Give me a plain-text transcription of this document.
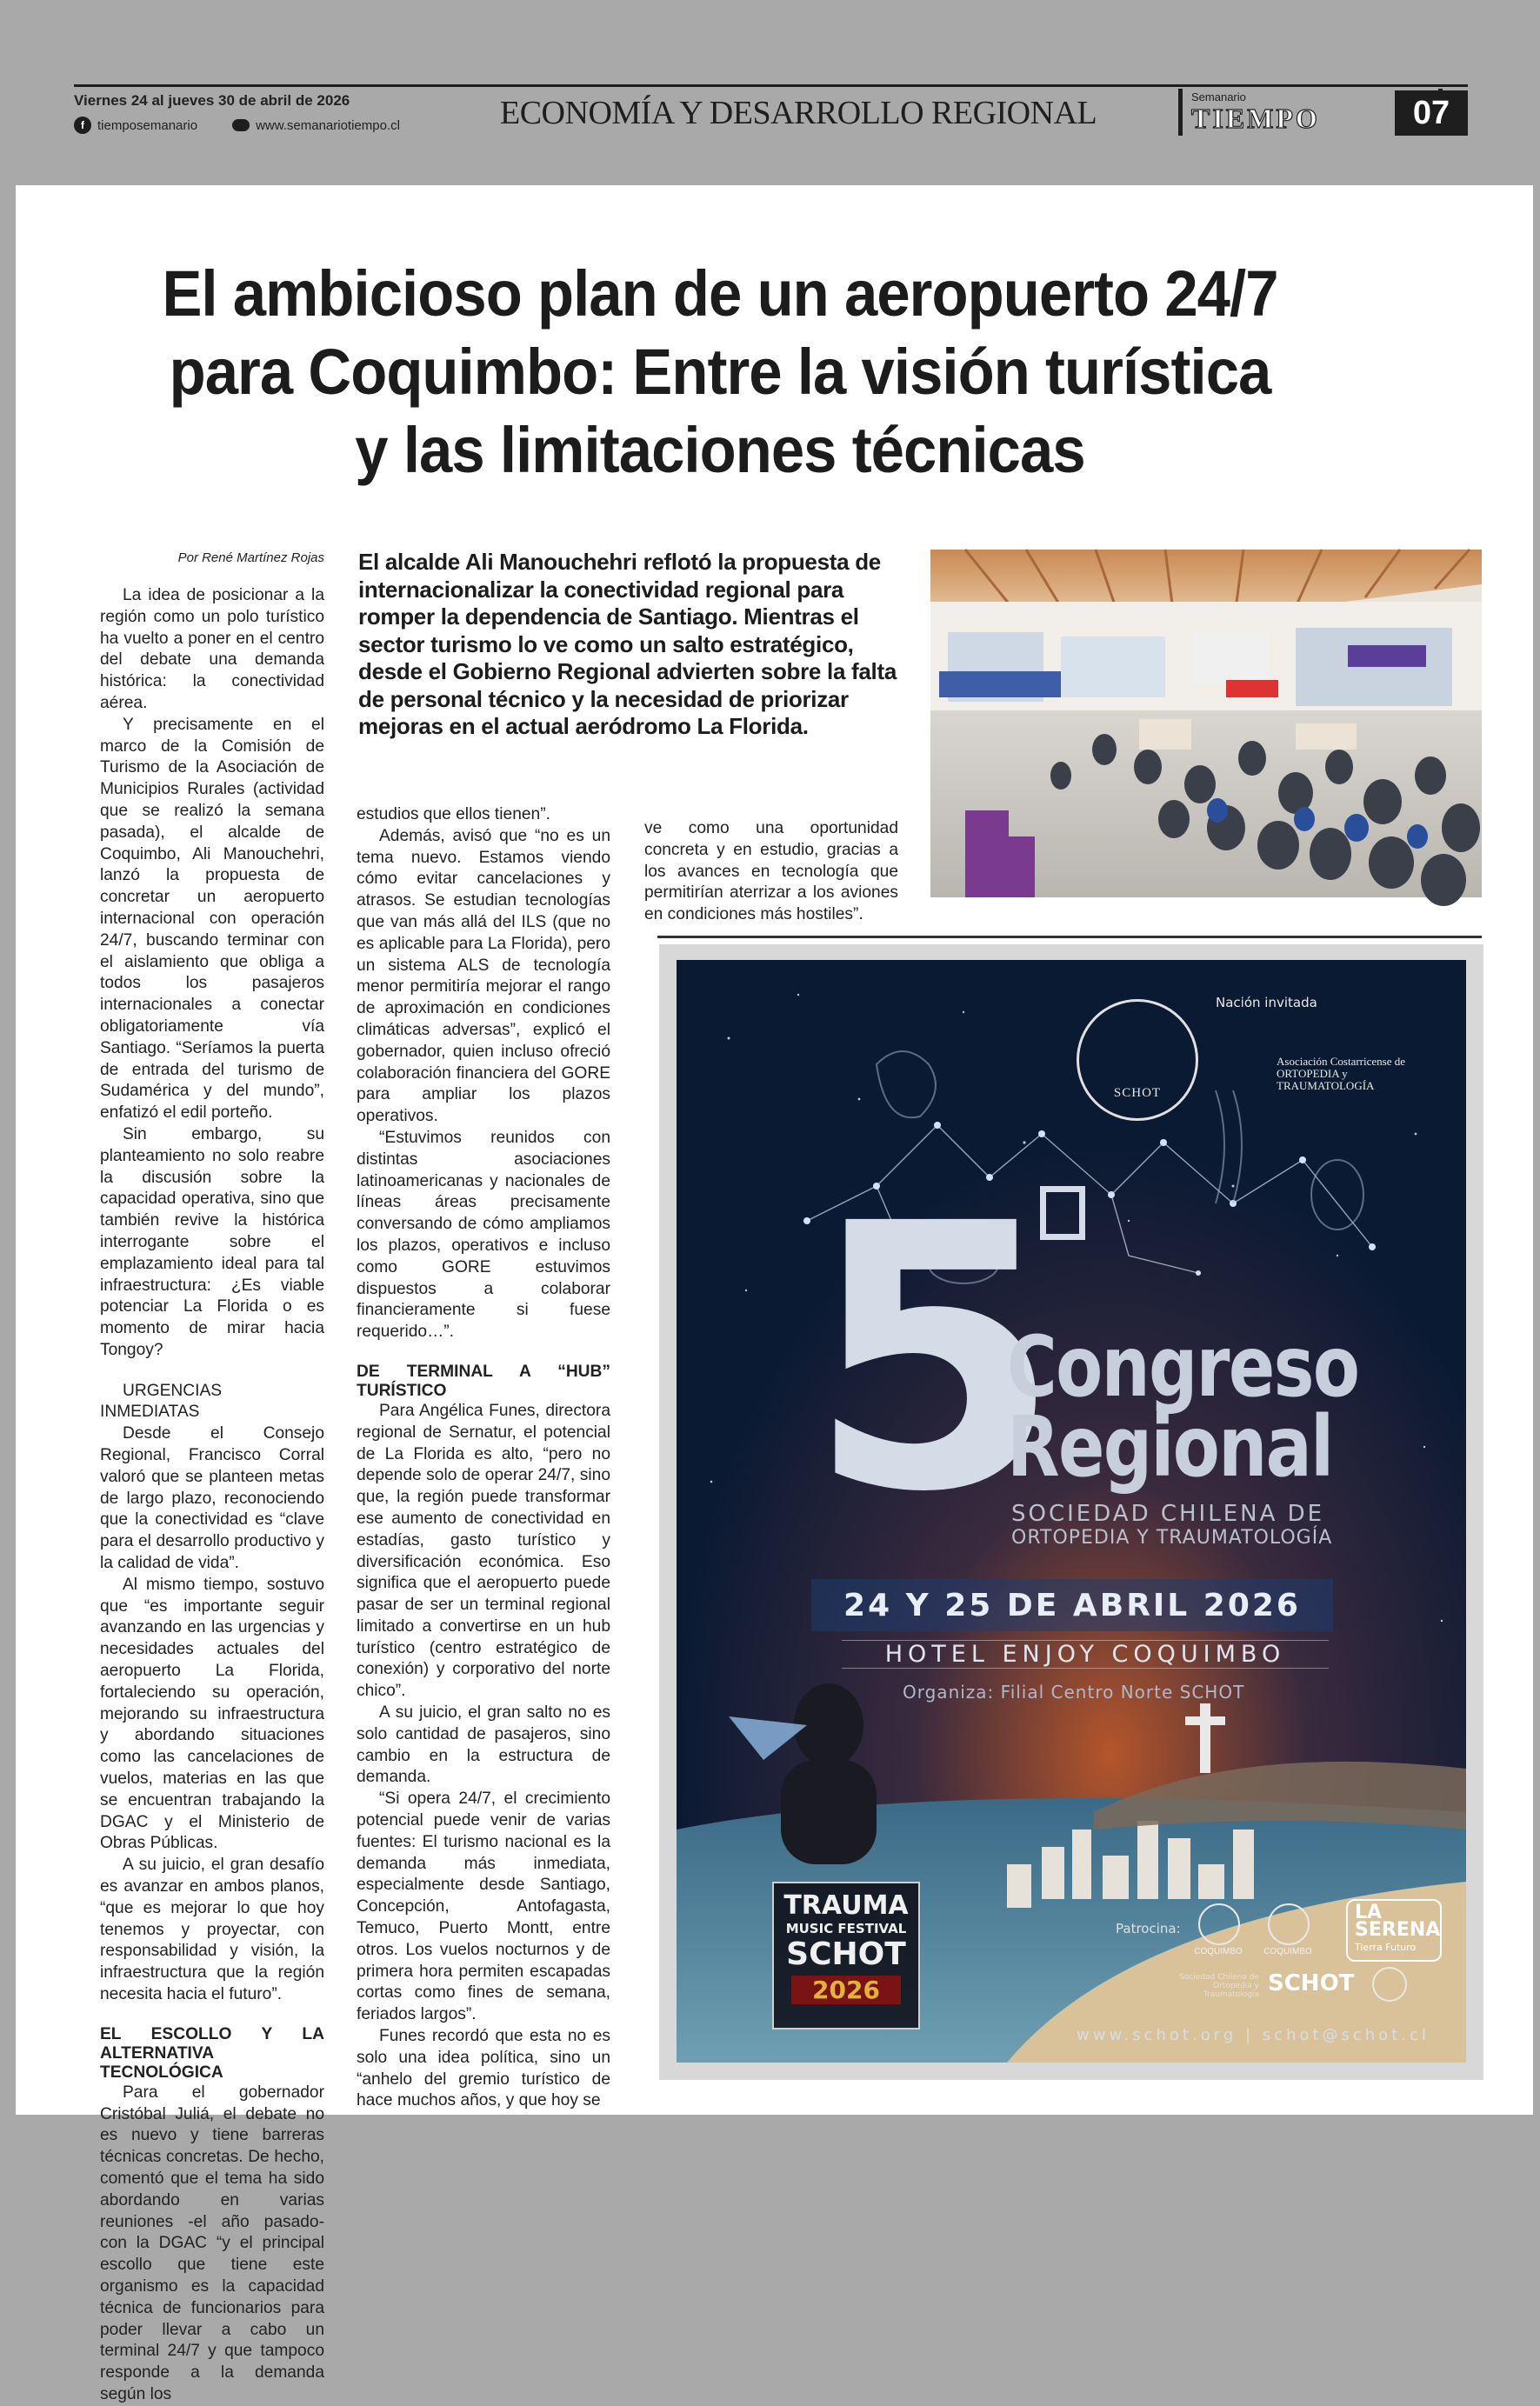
Viernes 24 al jueves 30 de abril de 2026
f	tiemposemanario	www.semanariotiempo.cl	ECONOMÍA Y DESARROLLO REGIONAL	Semanario
TIEMPO	07
El ambicioso plan de un aeropuerto 24/7 para Coquimbo: Entre la visión turística y las limitaciones técnicas
Por René Martínez Rojas El alcalde Ali Manouchehri reflotó la propuesta de internacionalizar la conectividad regional para romper la dependencia de Santiago. Mientras el sector turismo lo ve como un salto estratégico, desde el Gobierno Regional advierten sobre la falta de personal técnico y la necesidad de priorizar mejoras en el actual aeródromo La Florida.

La idea de posicionar a la región como un polo turístico ha vuelto a poner en el centro del debate una demanda histórica: la conectividad aérea.

Y precisamente en el marco de la Comisión de Turismo de la Asociación de Municipios Rurales (actividad que se realizó la semana pasada), el alcalde de Coquimbo, Ali Manouchehri, lanzó la propuesta de concretar un aeropuerto internacional con operación 24/7, buscando terminar con el aislamiento que obliga a todos los pasajeros internacionales a conectar obligatoriamente vía Santiago. “Seríamos la puerta de entrada del turismo de Sudamérica y del mundo”, enfatizó el edil porteño.

Sin embargo, su planteamiento no solo reabre la discusión sobre la capacidad operativa, sino que también revive la histórica interrogante sobre el emplazamiento ideal para tal infraestructura: ¿Es viable potenciar La Florida o es momento de mirar hacia Tongoy?

URGENCIAS INMEDIATAS

Desde el Consejo Regional, Francisco Corral valoró que se planteen metas de largo plazo, reconociendo que la conectividad es “clave para el desarrollo productivo y la calidad de vida”.

Al mismo tiempo, sostuvo que “es importante seguir avanzando en las urgencias y necesidades actuales del aeropuerto La Florida, fortaleciendo su operación, mejorando su infraestructura y abordando situaciones como las cancelaciones de vuelos, materias en las que se encuentran trabajando la DGAC y el Ministerio de Obras Públicas.

A su juicio, el gran desafío es avanzar en ambos planos, “que es mejorar lo que hoy tenemos y proyectar, con responsabilidad y visión, la infraestructura que la región necesita hacia el futuro”.

EL ESCOLLO Y LA ALTERNATIVA TECNOLÓGICA

Para el gobernador Cristóbal Juliá, el debate no es nuevo y tiene barreras técnicas concretas. De hecho, comentó que el tema ha sido abordando en varias reuniones -el año pasado- con la DGAC “y el principal escollo que tiene este organismo es la capacidad técnica de funcionarios para poder llevar a cabo un terminal 24/7 y que tampoco responde a la demanda según los

estudios que ellos tienen”.

Además, avisó que “no es un tema nuevo. Estamos viendo cómo evitar cancelaciones y atrasos. Se estudian tecnologías que van más allá del ILS (que no es aplicable para La Florida), pero un sistema ALS de tecnología menor permitiría mejorar el rango de aproximación en condiciones climáticas adversas”, explicó el gobernador, quien incluso ofreció colaboración financiera del GORE para ampliar los plazos operativos.

“Estuvimos reunidos con distintas asociaciones latinoamericanas y nacionales de líneas áreas precisamente conversando de cómo ampliamos los plazos, operativos e incluso como GORE estuvimos dispuestos a colaborar financieramente si fuese requerido…”.

DE TERMINAL A “HUB” TURÍSTICO

Para Angélica Funes, directora regional de Sernatur, el potencial de La Florida es alto, “pero no depende solo de operar 24/7, sino que, la región puede transformar ese aumento de conectividad en estadías, gasto turístico y diversificación económica. Eso significa que el aeropuerto puede pasar de ser un terminal regional limitado a convertirse en un hub turístico (centro estratégico de conexión) y corporativo del norte chico”.

A su juicio, el gran salto no es solo cantidad de pasajeros, sino cambio en la estructura de demanda.

“Si opera 24/7, el crecimiento potencial puede venir de varias fuentes: El turismo nacional es la demanda más inmediata, especialmente desde Santiago, Concepción, Antofagasta, Temuco, Puerto Montt, entre otros. Los vuelos nocturnos y de primera hora permiten escapadas cortas como fines de semana, feriados largos”.

Funes recordó que esta no es solo una idea política, sino un “anhelo del gremio turístico de hace muchos años, y que hoy se

ve como una oportunidad concreta y en estudio, gracias a los avances en tecnología que permitirían aterrizar a los aviones en condiciones más hostiles”.

SCHOT
Nación invitada
Asociación Costarricense de ORTOPEDIA y TRAUMATOLOGÍA
5
Congreso
Regional
SOCIEDAD CHILENA DE
ORTOPEDIA Y TRAUMATOLOGÍA
24 Y 25 DE ABRIL 2026
HOTEL ENJOY COQUIMBO
Organiza: Filial Centro Norte SCHOT
TRAUMA
MUSIC FESTIVAL
SCHOT
2026
Patrocina:
COQUIMBO	COQUIMBO
LA
SERENA
Tierra Futuro
Sociedad Chilena de Ortopedia y Traumatología SCHOT
www.schot.org | schot@schot.cl
